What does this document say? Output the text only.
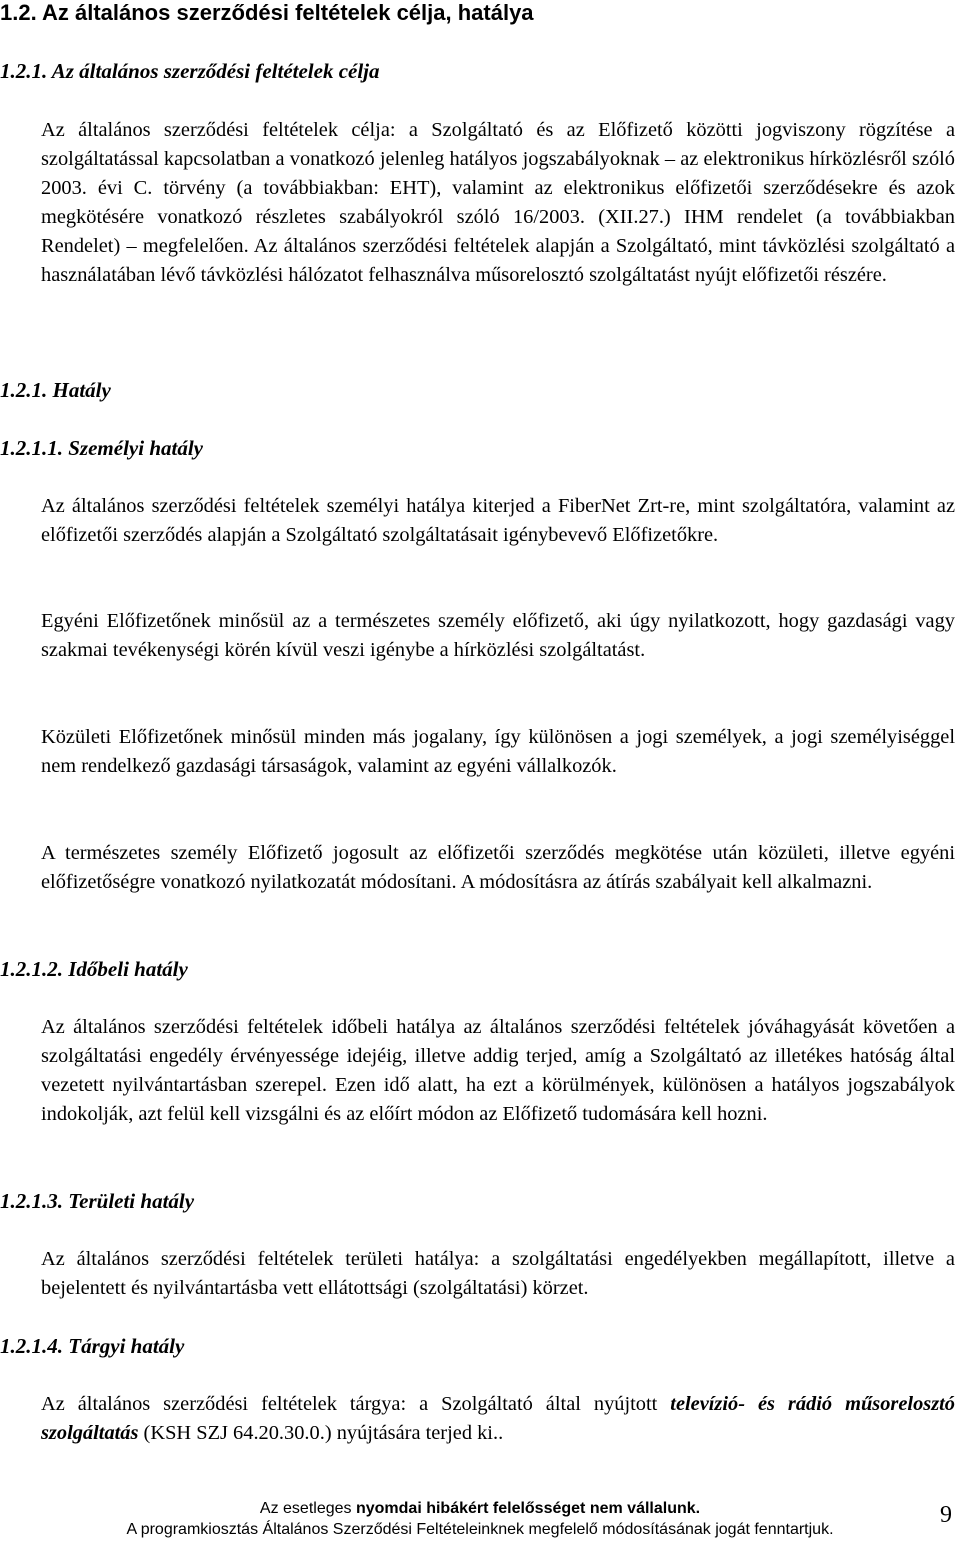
1.2. Az általános szerződési feltételek célja, hatálya
1.2.1. Az általános szerződési feltételek célja

Az általános szerződési feltételek célja: a Szolgáltató és az Előfizető közötti jogviszony rögzítése a szolgáltatással kapcsolatban a vonatkozó jelenleg hatályos jogszabályoknak – az elektronikus hírközlésről szóló 2003. évi C. törvény (a továbbiakban: EHT), valamint az elektronikus előfizetői szerződésekre és azok megkötésére vonatkozó részletes szabályokról szóló 16/2003. (XII.27.) IHM rendelet (a továbbiakban Rendelet) – megfelelően. Az általános szerződési feltételek alapján a Szolgáltató, mint távközlési szolgáltató a használatában lévő távközlési hálózatot felhasználva műsorelosztó szolgáltatást nyújt előfizetői részére.

1.2.1. Hatály
1.2.1.1. Személyi hatály

Az általános szerződési feltételek személyi hatálya kiterjed a FiberNet Zrt-re, mint szolgáltatóra, valamint az előfizetői szerződés alapján a Szolgáltató szolgáltatásait igénybevevő Előfizetőkre.

Egyéni Előfizetőnek minősül az a természetes személy előfizető, aki úgy nyilatkozott, hogy gazdasági vagy szakmai tevékenységi körén kívül veszi igénybe a hírközlési szolgáltatást.

Közületi Előfizetőnek minősül minden más jogalany, így különösen a jogi személyek, a jogi személyiséggel nem rendelkező gazdasági társaságok, valamint az egyéni vállalkozók.

A természetes személy Előfizető jogosult az előfizetői szerződés megkötése után közületi, illetve egyéni előfizetőségre vonatkozó nyilatkozatát módosítani. A módosításra az átírás szabályait kell alkalmazni.

1.2.1.2. Időbeli hatály

Az általános szerződési feltételek időbeli hatálya az általános szerződési feltételek jóváhagyását követően a szolgáltatási engedély érvényessége idejéig, illetve addig terjed, amíg a Szolgáltató az illetékes hatóság által vezetett nyilvántartásban szerepel. Ezen idő alatt, ha ezt a körülmények, különösen a hatályos jogszabályok indokolják, azt felül kell vizsgálni és az előírt módon az Előfizető tudomására kell hozni.

1.2.1.3. Területi hatály

Az általános szerződési feltételek területi hatálya: a szolgáltatási engedélyekben megállapított, illetve a bejelentett és nyilvántartásba vett ellátottsági (szolgáltatási) körzet.

1.2.1.4. Tárgyi hatály

Az általános szerződési feltételek tárgya: a Szolgáltató által nyújtott televízió- és rádió műsorelosztó szolgáltatás (KSH SZJ 64.20.30.0.) nyújtására terjed ki..

Az esetleges nyomdai hibákért felelősséget nem vállalunk.
A programkiosztás Általános Szerződési Feltételeinknek megfelelő módosításának jogát fenntartjuk.
9
